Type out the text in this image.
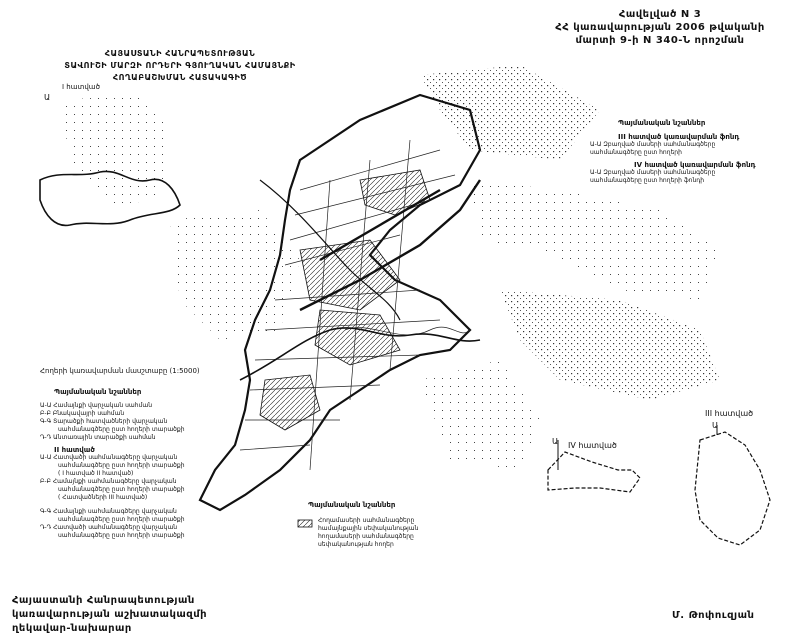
Հավելված N 3
ՀՀ կառավարության 2006 թվականի
մարտի 9-ի N 340-Ն որոշման
ՀԱՅԱՍՏԱՆԻ ՀԱՆՐԱՊԵՏՈՒԹՅԱՆ
ՏԱՎՈՒՇԻ ՄԱՐԶԻ ՈՐԴԵՐԻ ԳՅՈՒՂԱԿԱՆ ՀԱՄԱՅՆՔԻ
ՀՈՂԱԲԱՇԽՄԱՆ ՀԱՏԱԿԱԳԻԾ
Ա
I հատված
III հատված
Ա
IV հատված
Ա
Պայմանական նշաններ
III հատված կառավարման ֆոնդ
Ա-Ա Զբաղված մասերի սահմանագծերը
սահմանագծերը ըստ հողերի
IV հատված կառավարման ֆոնդ
Ա-Ա Զբաղված մասերի սահմանագծերը
սահմանագծերը ըստ հողերի ֆոնդի
Հողերի կառավարման մասշտաբը (1:5000)
Պայմանական նշաններ
Ա-Ա Համայնքի վարչական սահման
Բ-Բ Բնակավայրի սահման
Գ-Գ Տարածքի հատվածների վարչական
սահմանագծերը ըստ հողերի տարածքի
Դ-Դ Անտառային տարածքի սահման
II հատված
Ա-Ա Հատվածի սահմանագծերը վարչական
սահմանագծերը ըստ հողերի տարածքի
( I հատված II հատված)
Բ-Բ Համայնքի սահմանագծերը վարչական
սահմանագծերը ըստ հողերի տարածքի
( Հատվածների III հատված)
Գ-Գ Համայնքի սահմանագծերը վարչական
սահմանագծերը ըստ հողերի տարածքի
Դ-Դ Հատվածի սահմանագծերը վարչական
սահմանագծերը ըստ հողերի տարածքի
Պայմանական նշաններ
Հողամասերի սահմանագծերը
համայնքային սեփականության
հողամասերի սահմանագծերը
սեփականության հողեր
Հայաստանի Հանրապետության
կառավարության աշխատակազմի
ղեկավար-նախարար
Մ. Թոփուզյան
